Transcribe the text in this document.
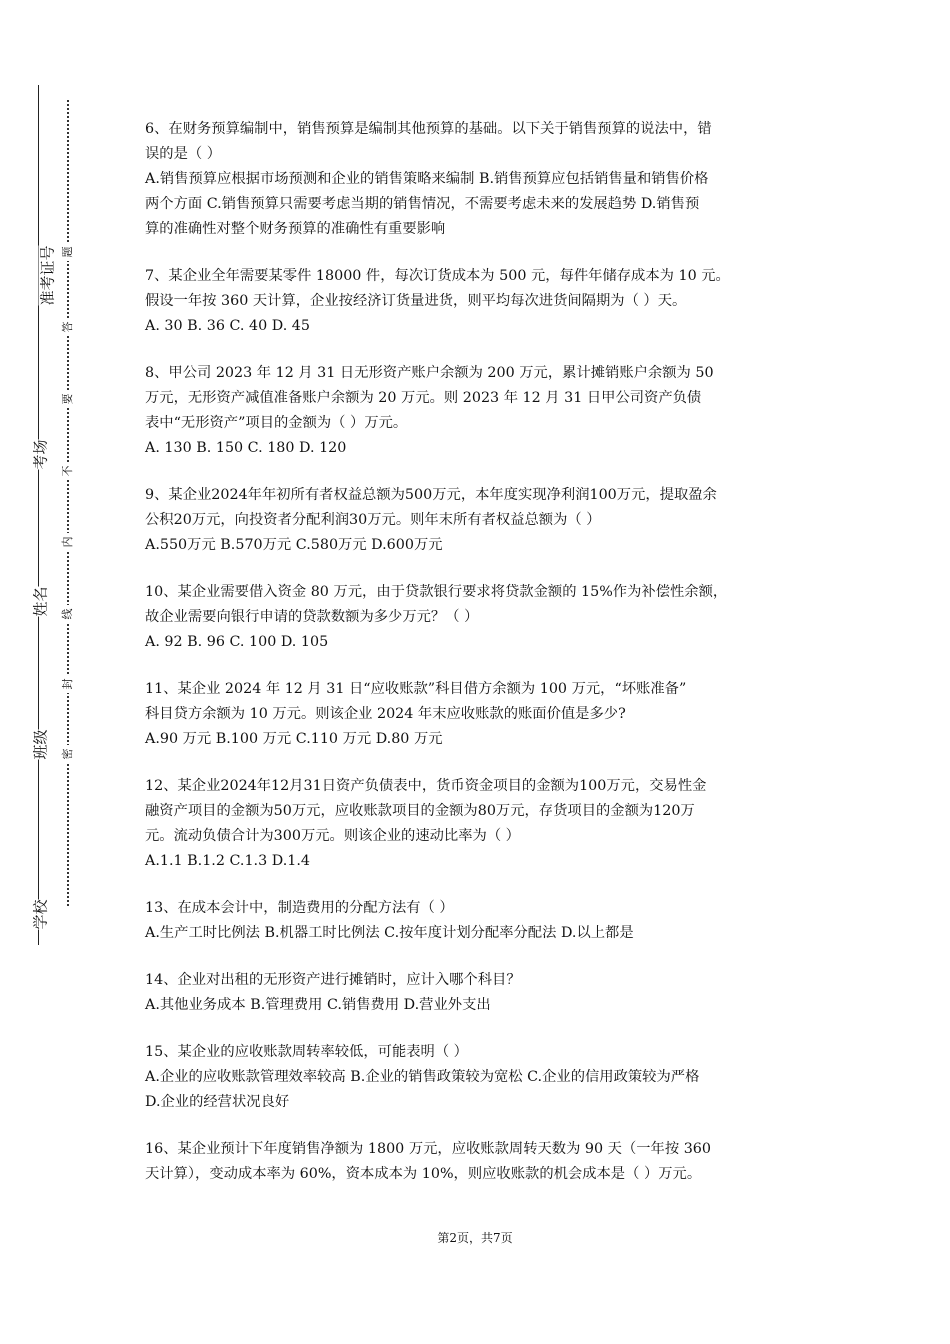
准考证号
考场
姓名
班级
学校
题
答
要
不
内
线
封
密
6、在财务预算编制中，销售预算是编制其他预算的基础。以下关于销售预算的说法中，错
误的是（ ）
A.销售预算应根据市场预测和企业的销售策略来编制 B.销售预算应包括销售量和销售价格
两个方面 C.销售预算只需要考虑当期的销售情况，不需要考虑未来的发展趋势 D.销售预
算的准确性对整个财务预算的准确性有重要影响
7、某企业全年需要某零件 18000 件，每次订货成本为 500 元，每件年储存成本为 10 元。
假设一年按 360 天计算，企业按经济订货量进货，则平均每次进货间隔期为（ ）天。
A. 30 B. 36 C. 40 D. 45
8、甲公司 2023 年 12 月 31 日无形资产账户余额为 200 万元，累计摊销账户余额为 50
万元，无形资产减值准备账户余额为 20 万元。则 2023 年 12 月 31 日甲公司资产负债
表中“无形资产”项目的金额为（ ）万元。
A. 130 B. 150 C. 180 D. 120
9、某企业2024年年初所有者权益总额为500万元，本年度实现净利润100万元，提取盈余
公积20万元，向投资者分配利润30万元。则年末所有者权益总额为（ ）
A.550万元 B.570万元 C.580万元 D.600万元
10、某企业需要借入资金 80 万元，由于贷款银行要求将贷款金额的 15%作为补偿性余额，
故企业需要向银行申请的贷款数额为多少万元？（ ）
A. 92 B. 96 C. 100 D. 105
11、某企业 2024 年 12 月 31 日“应收账款”科目借方余额为 100 万元，“坏账准备”
科目贷方余额为 10 万元。则该企业 2024 年末应收账款的账面价值是多少?
A.90 万元 B.100 万元 C.110 万元 D.80 万元
12、某企业2024年12月31日资产负债表中，货币资金项目的金额为100万元，交易性金
融资产项目的金额为50万元，应收账款项目的金额为80万元，存货项目的金额为120万
元。流动负债合计为300万元。则该企业的速动比率为（ ）
A.1.1 B.1.2 C.1.3 D.1.4
13、在成本会计中，制造费用的分配方法有（ ）
A.生产工时比例法 B.机器工时比例法 C.按年度计划分配率分配法 D.以上都是
14、企业对出租的无形资产进行摊销时，应计入哪个科目？
A.其他业务成本 B.管理费用 C.销售费用 D.营业外支出
15、某企业的应收账款周转率较低，可能表明（ ）
A.企业的应收账款管理效率较高 B.企业的销售政策较为宽松 C.企业的信用政策较为严格
D.企业的经营状况良好
16、某企业预计下年度销售净额为 1800 万元，应收账款周转天数为 90 天（一年按 360
天计算），变动成本率为 60%，资本成本为 10%，则应收账款的机会成本是（ ）万元。
第2页，共7页
